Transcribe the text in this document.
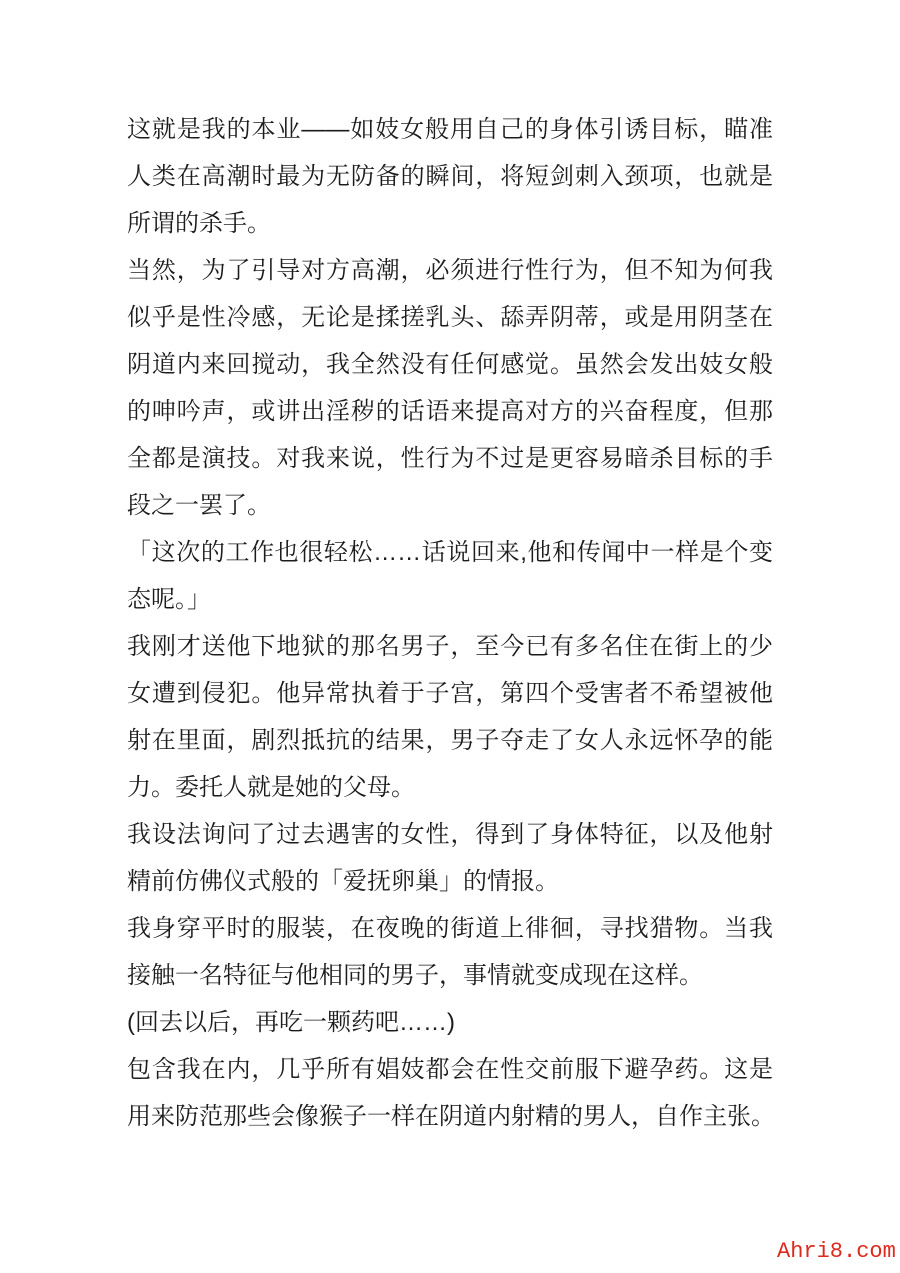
这就是我的本业——如妓女般用自己的身体引诱目标，瞄准
人类在高潮时最为无防备的瞬间，将短剑刺入颈项，也就是
所谓的杀手。
当然，为了引导对方高潮，必须进行性行为，但不知为何我
似乎是性冷感，无论是揉搓乳头、舔弄阴蒂，或是用阴茎在
阴道内来回搅动，我全然没有任何感觉。虽然会发出妓女般
的呻吟声，或讲出淫秽的话语来提高对方的兴奋程度，但那
全都是演技。对我来说，性行为不过是更容易暗杀目标的手
段之一罢了。
「这次的工作也很轻松……话说回来,他和传闻中一样是个变
态呢。」
我刚才送他下地狱的那名男子，至今已有多名住在街上的少
女遭到侵犯。他异常执着于子宫，第四个受害者不希望被他
射在里面，剧烈抵抗的结果，男子夺走了女人永远怀孕的能
力。委托人就是她的父母。
我设法询问了过去遇害的女性，得到了身体特征，以及他射
精前仿佛仪式般的「爱抚卵巢」的情报。
我身穿平时的服装，在夜晚的街道上徘徊，寻找猎物。当我
接触一名特征与他相同的男子，事情就变成现在这样。
(回去以后，再吃一颗药吧……)
包含我在内，几乎所有娼妓都会在性交前服下避孕药。这是
用来防范那些会像猴子一样在阴道内射精的男人，自作主张。
Ahri8.com
